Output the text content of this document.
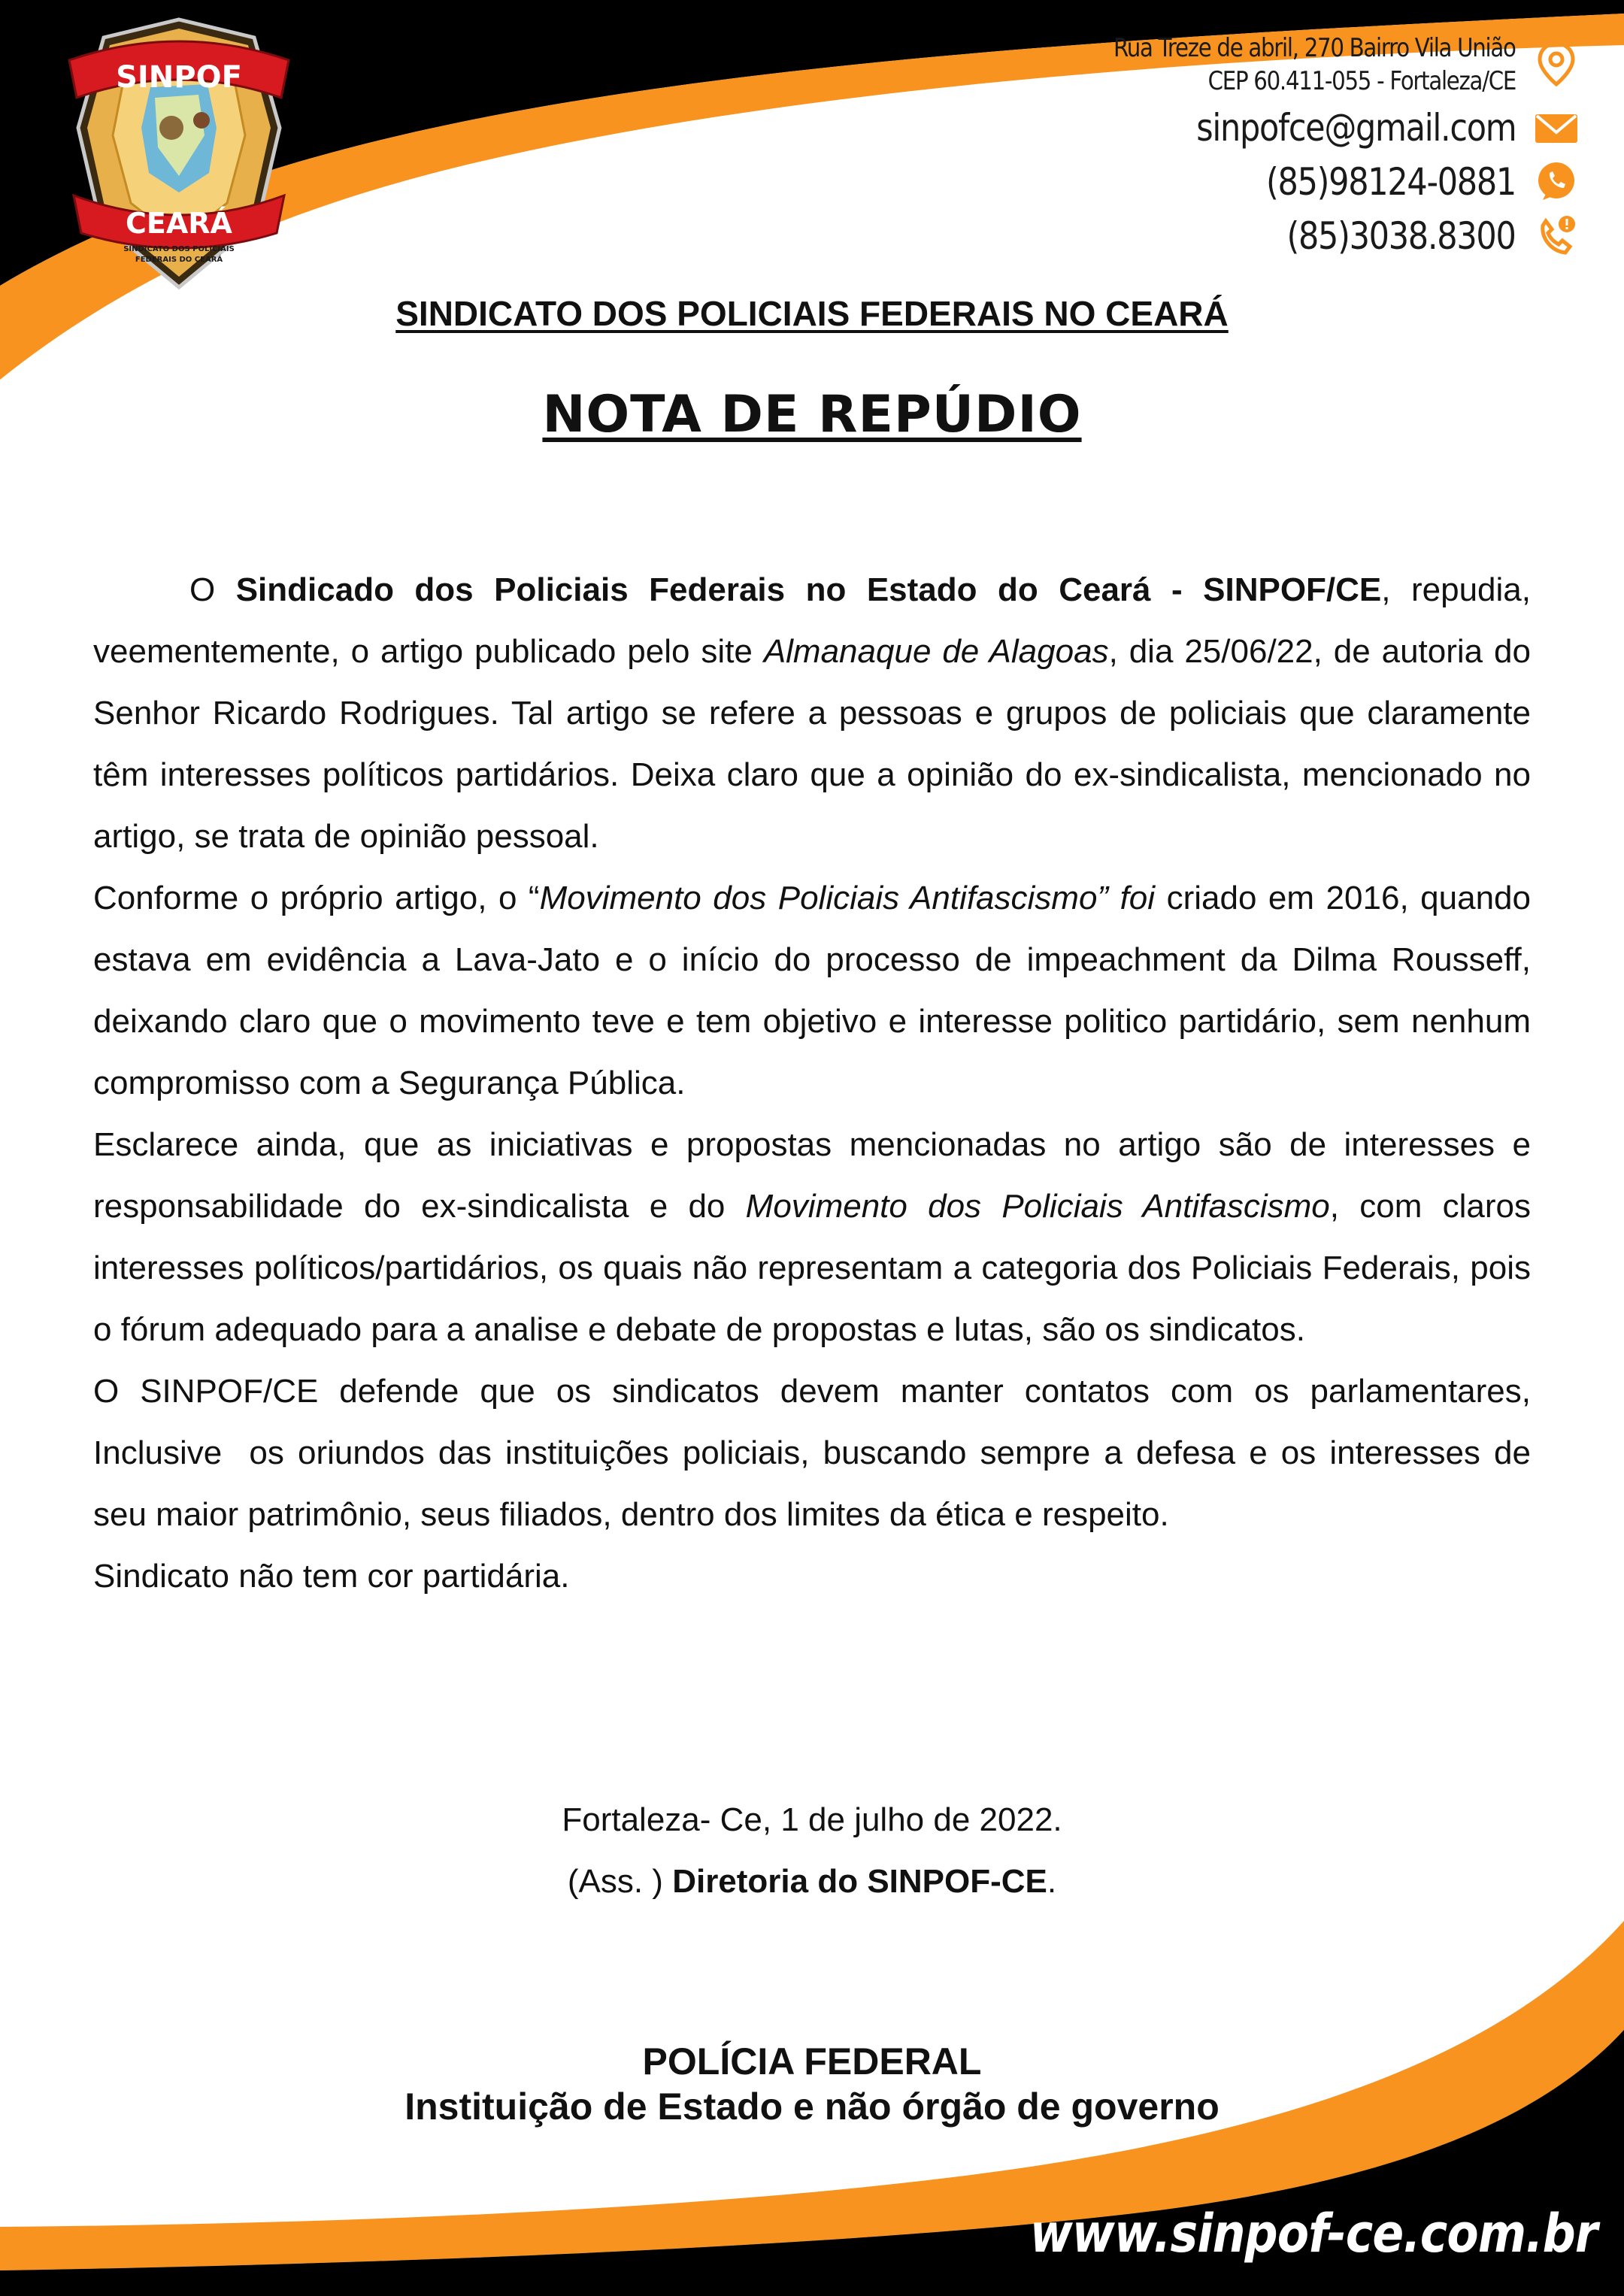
SINPOF
CEARÁ
SINDICATO DOS POLICIAIS
FEDERAIS DO CEARÁ
Rua Treze de abril, 270 Bairro Vila União
CEP 60.411-055 - Fortaleza/CE
sinpofce@gmail.com
(85)98124-0881
(85)3038.8300
SINDICATO DOS POLICIAIS FEDERAIS NO CEARÁ
NOTA DE REPÚDIO

O Sindicado dos Policiais Federais no Estado do Ceará - SINPOF/CE, repudia, veementemente, o artigo publicado pelo site Almanaque de Alagoas, dia 25/06/22, de autoria do Senhor Ricardo Rodrigues. Tal artigo se refere a pessoas e grupos de policiais que claramente têm interesses políticos partidários. Deixa claro que a opinião do ex-sindicalista, mencionado no artigo, se trata de opinião pessoal.

Conforme o próprio artigo, o “Movimento dos Policiais Antifascismo” foi criado em 2016, quando estava em evidência a Lava-Jato e o início do processo de impeachment da Dilma Rousseff, deixando claro que o movimento teve e tem objetivo e interesse politico partidário, sem nenhum compromisso com a Segurança Pública.

Esclarece ainda, que as iniciativas e propostas mencionadas no artigo são de interesses e responsabilidade do ex-sindicalista e do Movimento dos Policiais Antifascismo, com claros interesses políticos/partidários, os quais não representam a categoria dos Policiais Federais, pois o fórum adequado para a analise e debate de propostas e lutas, são os sindicatos.

O SINPOF/CE defende que os sindicatos devem manter contatos com os parlamentares, Inclusive  os oriundos das instituições policiais, buscando sempre a defesa e os interesses de seu maior patrimônio, seus filiados, dentro dos limites da ética e respeito.

Sindicato não tem cor partidária.

Fortaleza- Ce, 1 de julho de 2022.
(Ass. ) Diretoria do SINPOF-CE.
POLÍCIA FEDERAL
Instituição de Estado e não órgão de governo
www.sinpof-ce.com.br
